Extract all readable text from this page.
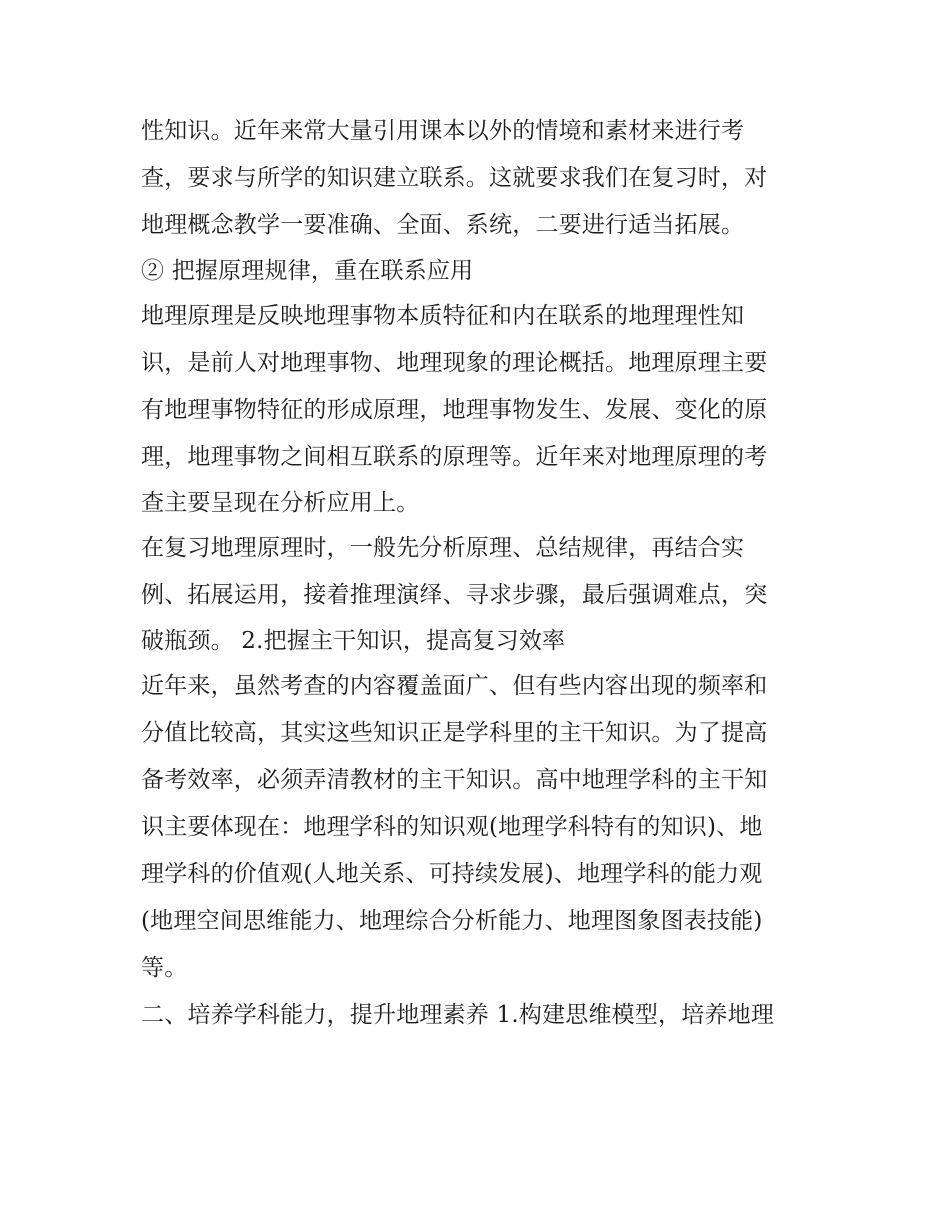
性知识。近年来常大量引用课本以外的情境和素材来进行考
查，要求与所学的知识建立联系。这就要求我们在复习时，对
地理概念教学一要准确、全面、系统，二要进行适当拓展。
② 把握原理规律，重在联系应用
地理原理是反映地理事物本质特征和内在联系的地理理性知
识，是前人对地理事物、地理现象的理论概括。地理原理主要
有地理事物特征的形成原理，地理事物发生、发展、变化的原
理，地理事物之间相互联系的原理等。近年来对地理原理的考
查主要呈现在分析应用上。
在复习地理原理时，一般先分析原理、总结规律，再结合实
例、拓展运用，接着推理演绎、寻求步骤，最后强调难点，突
破瓶颈。 2.把握主干知识，提高复习效率
近年来，虽然考查的内容覆盖面广、但有些内容出现的频率和
分值比较高，其实这些知识正是学科里的主干知识。为了提高
备考效率，必须弄清教材的主干知识。高中地理学科的主干知
识主要体现在：地理学科的知识观(地理学科特有的知识)、地
理学科的价值观(人地关系、可持续发展)、地理学科的能力观
(地理空间思维能力、地理综合分析能力、地理图象图表技能)
等。
二、培养学科能力，提升地理素养 1.构建思维模型，培养地理
